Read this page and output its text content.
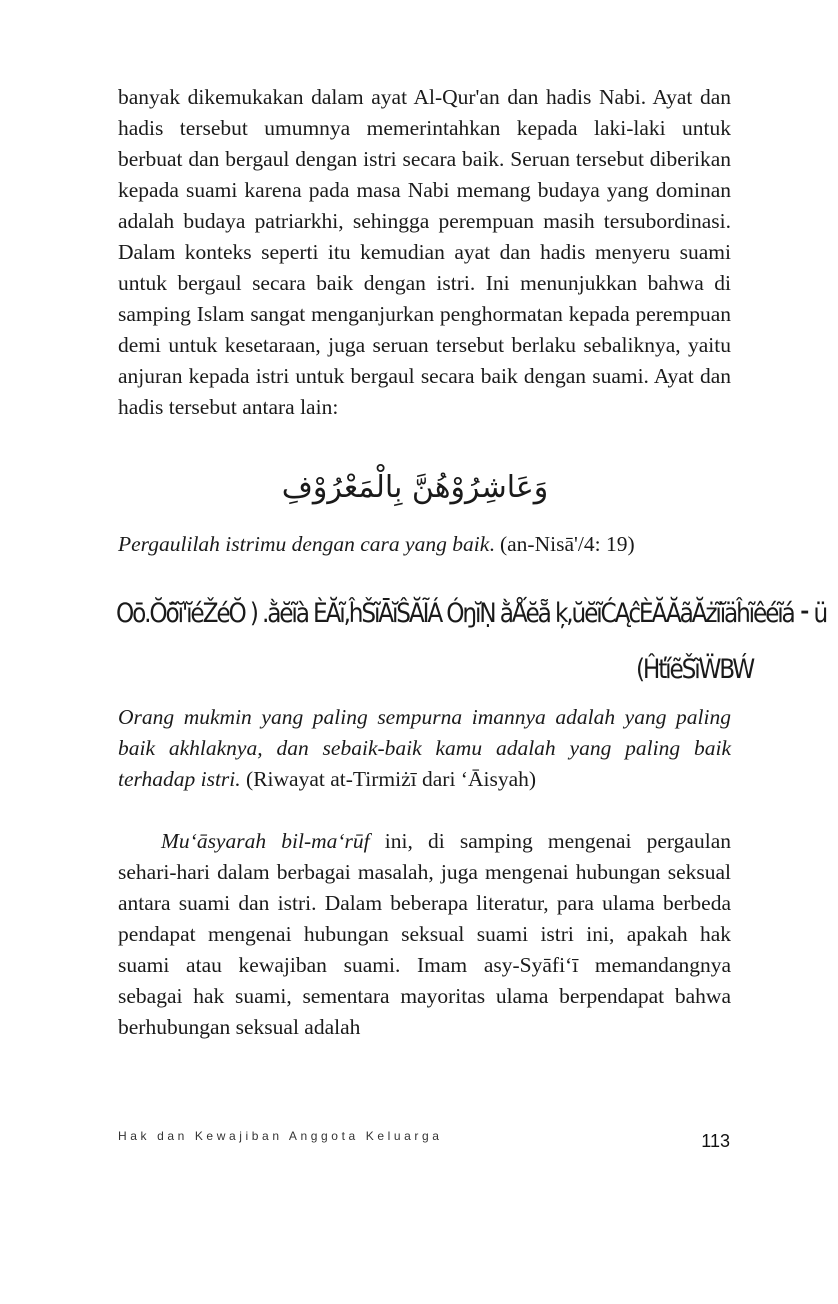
banyak dikemukakan dalam ayat Al-Qur'an dan hadis Nabi. Ayat dan hadis tersebut umumnya memerintahkan kepada laki-laki untuk berbuat dan bergaul dengan istri secara baik. Seruan tersebut diberikan kepada suami karena pada masa Nabi memang budaya yang dominan adalah budaya patriarkhi, sehingga perempuan masih tersubordinasi. Dalam konteks seperti itu kemudian ayat dan hadis menyeru suami untuk bergaul secara baik dengan istri. Ini menunjukkan bahwa di samping Islam sangat menganjurkan penghormatan kepada perempuan demi untuk kesetaraan, juga seruan tersebut berlaku sebaliknya, yaitu anjuran kepada istri untuk bergaul secara baik dengan suami. Ayat dan hadis tersebut antara lain:

وَعَاشِرُوْهُنَّ بِالْمَعْرُوْفِ
Pergaulilah istrimu dengan cara yang baik. (an-Nisā'/4: 19)
Oō.Ŏō̃ĭ'ĭéŽéŎ ) .ằĕĩà ÈĂĩ,ĥŠĩĀĭŜĂĨÁ ÓŋĭṆ ằǺĕẵ ķ,ŭĕĩĆĄĉÈĂĂãĂżĩĭäĥĩêéĩá ⁃ ü
(ĤťíẽŠĩẄBẂ
Orang mukmin yang paling sempurna imannya adalah yang paling baik akhlaknya, dan sebaik-baik kamu adalah yang paling baik terhadap istri. (Riwayat at-Tirmiżī dari ‘Āisyah)

Mu‘āsyarah bil-ma‘rūf ini, di samping mengenai pergaulan sehari-hari dalam berbagai masalah, juga mengenai hubungan seksual antara suami dan istri. Dalam beberapa literatur, para ulama berbeda pendapat mengenai hubungan seksual suami istri ini, apakah hak suami atau kewajiban suami. Imam asy-Syāfi‘ī memandangnya sebagai hak suami, sementara mayoritas ulama berpendapat bahwa berhubungan seksual adalah

Hak dan Kewajiban Anggota Keluarga	113
